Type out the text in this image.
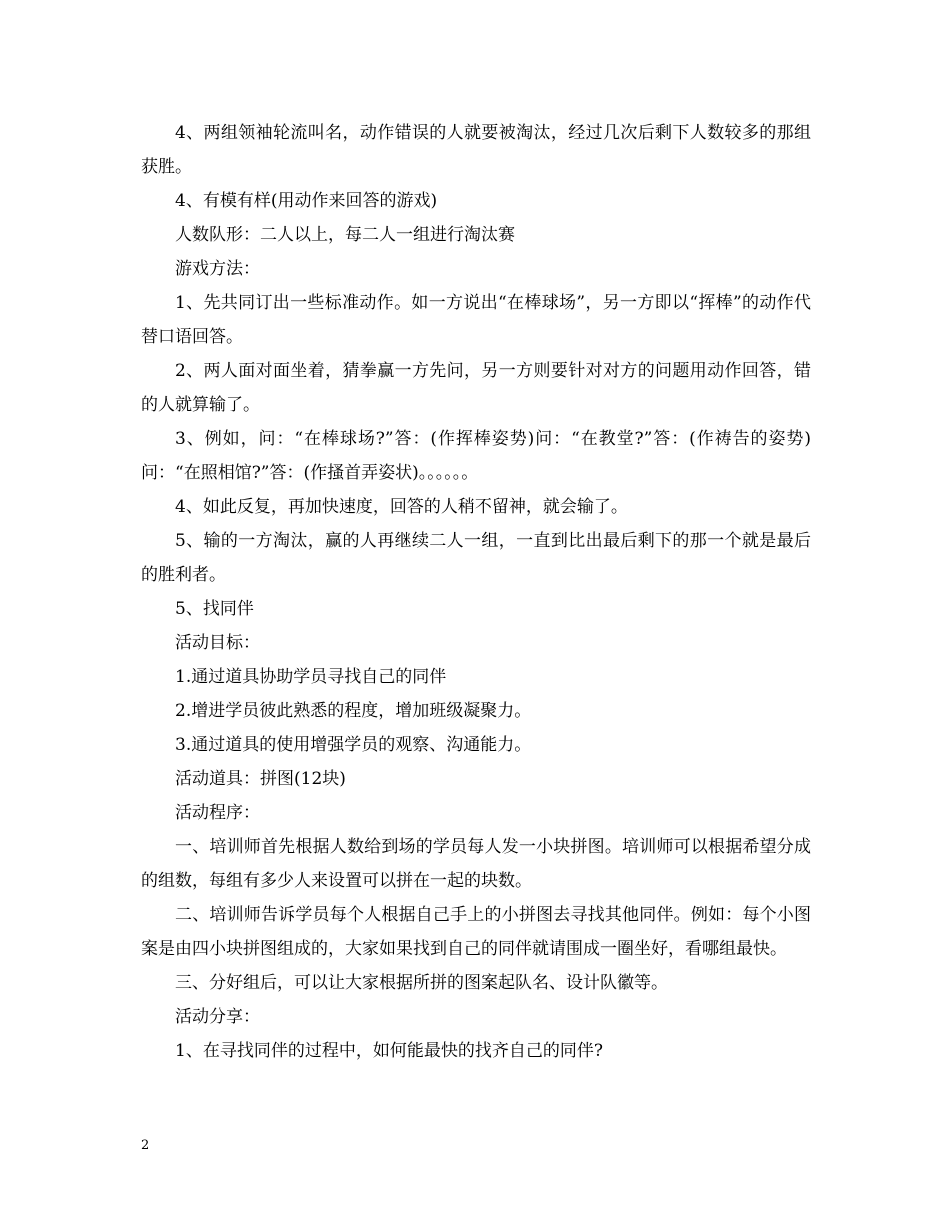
4、两组领袖轮流叫名，动作错误的人就要被淘汰，经过几次后剩下人数较多的那组获胜。

4、有模有样(用动作来回答的游戏)

人数队形：二人以上，每二人一组进行淘汰赛

游戏方法：

1、先共同订出一些标准动作。如一方说出“在棒球场”，另一方即以“挥棒”的动作代替口语回答。

2、两人面对面坐着，猜拳赢一方先问，另一方则要针对对方的问题用动作回答，错的人就算输了。

3、例如，问：“在棒球场?”答：(作挥棒姿势)问：“在教堂?”答：(作祷告的姿势)问：“在照相馆?”答：(作搔首弄姿状)。。。。。。

4、如此反复，再加快速度，回答的人稍不留神，就会输了。

5、输的一方淘汰，赢的人再继续二人一组，一直到比出最后剩下的那一个就是最后的胜利者。

5、找同伴

活动目标：

1.通过道具协助学员寻找自己的同伴

2.增进学员彼此熟悉的程度，增加班级凝聚力。

3.通过道具的使用增强学员的观察、沟通能力。

活动道具：拼图(12块)

活动程序：

一、培训师首先根据人数给到场的学员每人发一小块拼图。培训师可以根据希望分成的组数，每组有多少人来设置可以拼在一起的块数。

二、培训师告诉学员每个人根据自己手上的小拼图去寻找其他同伴。例如：每个小图案是由四小块拼图组成的，大家如果找到自己的同伴就请围成一圈坐好，看哪组最快。

三、分好组后，可以让大家根据所拼的图案起队名、设计队徽等。

活动分享：

1、在寻找同伴的过程中，如何能最快的找齐自己的同伴?

2
